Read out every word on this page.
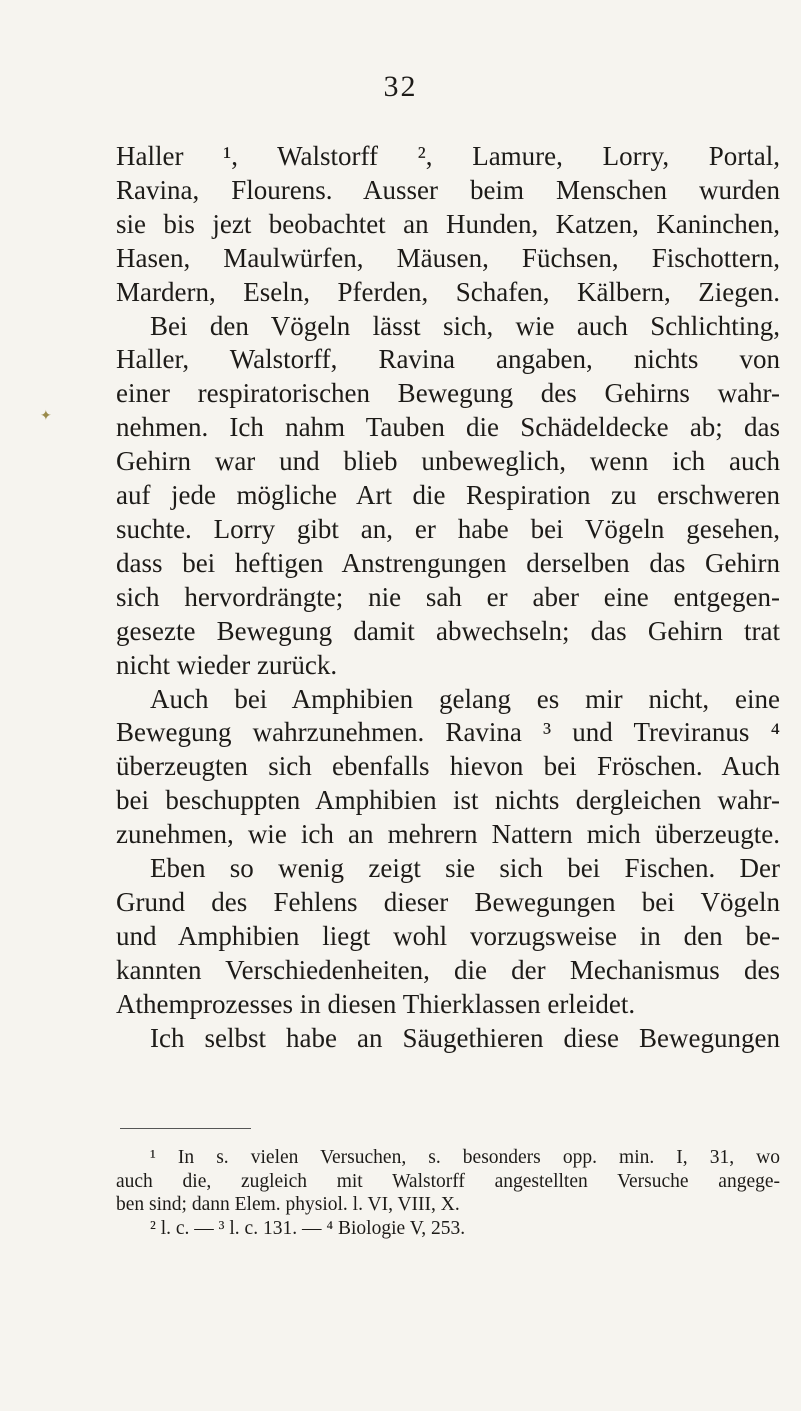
32
✦
Haller ¹, Walstorff ², Lamure, Lorry, Portal,
Ravina, Flourens. Ausser beim Menschen wurden
sie bis jezt beobachtet an Hunden, Katzen, Kaninchen,
Hasen, Maulwürfen, Mäusen, Füchsen, Fischottern,
Mardern, Eseln, Pferden, Schafen, Kälbern, Ziegen.
Bei den Vögeln lässt sich, wie auch Schlichting,
Haller, Walstorff, Ravina angaben, nichts von
einer respiratorischen Bewegung des Gehirns wahr-
nehmen. Ich nahm Tauben die Schädeldecke ab; das
Gehirn war und blieb unbeweglich, wenn ich auch
auf jede mögliche Art die Respiration zu erschweren
suchte. Lorry gibt an, er habe bei Vögeln gesehen,
dass bei heftigen Anstrengungen derselben das Gehirn
sich hervordrängte; nie sah er aber eine entgegen-
gesezte Bewegung damit abwechseln; das Gehirn trat
nicht wieder zurück.
Auch bei Amphibien gelang es mir nicht, eine
Bewegung wahrzunehmen. Ravina ³ und Treviranus ⁴
überzeugten sich ebenfalls hievon bei Fröschen. Auch
bei beschuppten Amphibien ist nichts dergleichen wahr-
zunehmen, wie ich an mehrern Nattern mich überzeugte.
Eben so wenig zeigt sie sich bei Fischen. Der
Grund des Fehlens dieser Bewegungen bei Vögeln
und Amphibien liegt wohl vorzugsweise in den be-
kannten Verschiedenheiten, die der Mechanismus des
Athemprozesses in diesen Thierklassen erleidet.
Ich selbst habe an Säugethieren diese Bewegungen
¹ In s. vielen Versuchen, s. besonders opp. min. I, 31, wo
auch die, zugleich mit Walstorff angestellten Versuche angege-
ben sind; dann Elem. physiol. l. VI, VIII, X.
² l. c. — ³ l. c. 131. — ⁴ Biologie V, 253.
